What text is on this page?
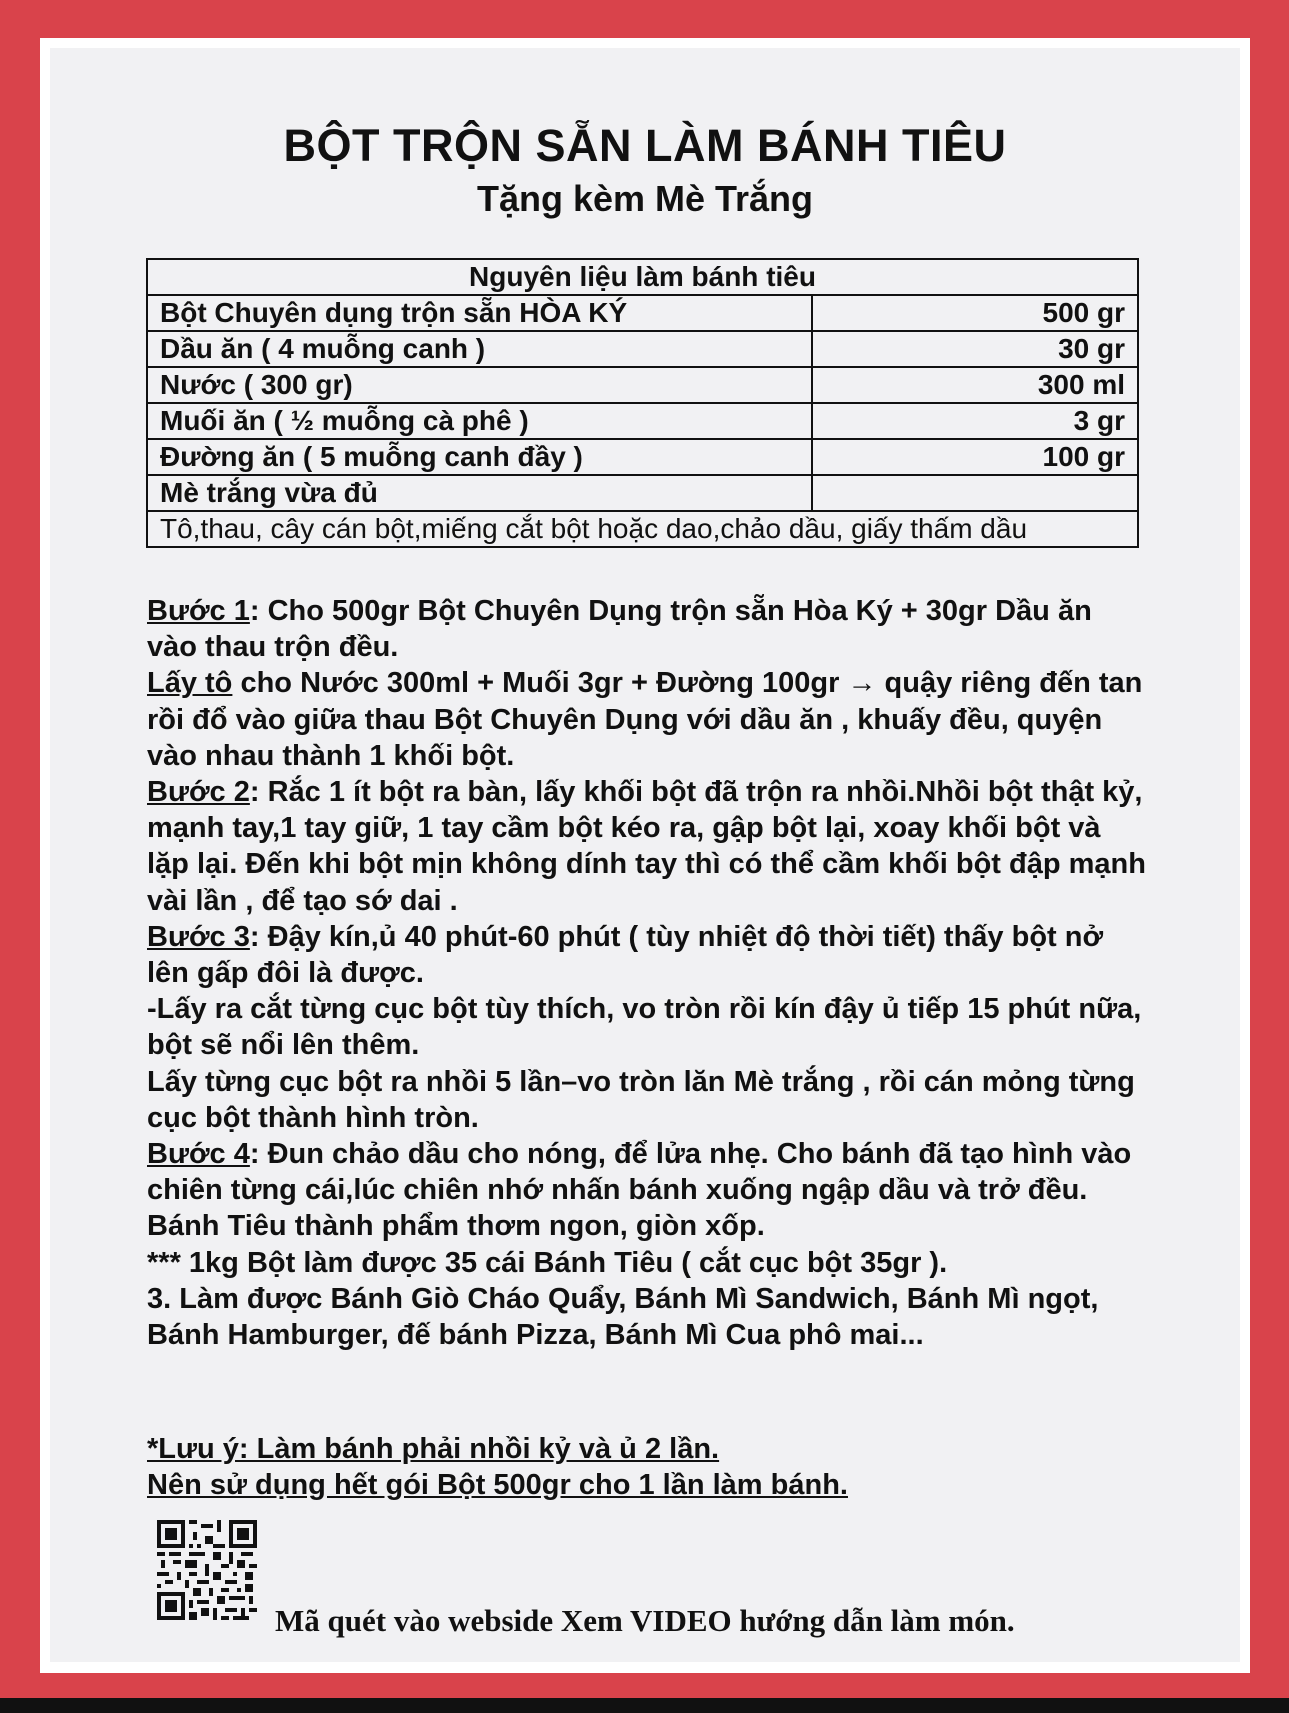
BỘT TRỘN SẴN LÀM BÁNH TIÊU
Tặng kèm Mè Trắng
Nguyên liệu làm bánh tiêu	
Bột Chuyên dụng trộn sẵn HÒA KÝ	500 gr
Dầu ăn ( 4 muỗng canh )	30 gr
Nước ( 300 gr)	300 ml
Muối ăn ( ½ muỗng cà phê )	3 gr
Đường ăn ( 5 muỗng canh đầy )	100 gr
Mè trắng vừa đủ	
Tô,thau, cây cán bột,miếng cắt bột hoặc dao,chảo dầu, giấy thấm dầu	

Bước 1: Cho 500gr Bột Chuyên Dụng trộn sẵn Hòa Ký + 30gr Dầu ăn vào thau trộn đều.

Lấy tô cho Nước 300ml + Muối 3gr + Đường 100gr → quậy riêng đến tan rồi đổ vào giữa thau Bột Chuyên Dụng với dầu ăn , khuấy đều, quyện vào nhau thành 1 khối bột.

Bước 2: Rắc 1 ít bột ra bàn, lấy khối bột đã trộn ra nhồi.Nhồi bột thật kỷ, mạnh tay,1 tay giữ, 1 tay cầm bột kéo ra, gập bột lại, xoay khối bột và lặp lại. Đến khi bột mịn không dính tay thì có thể cầm khối bột đập mạnh vài lần , để tạo sớ dai .

Bước 3: Đậy kín,ủ 40 phút-60 phút ( tùy nhiệt độ thời tiết) thấy bột nở lên gấp đôi là được.

-Lấy ra cắt từng cục bột tùy thích, vo tròn rồi kín đậy ủ tiếp 15 phút nữa, bột sẽ nổi lên thêm.

Lấy từng cục bột ra nhồi 5 lần–vo tròn lăn Mè trắng , rồi cán mỏng từng cục bột thành hình tròn.

Bước 4: Đun chảo dầu cho nóng, để lửa nhẹ. Cho bánh đã tạo hình vào chiên từng cái,lúc chiên nhớ nhấn bánh xuống ngập dầu và trở đều.

Bánh Tiêu thành phẩm thơm ngon, giòn xốp.

*** 1kg Bột làm được 35 cái Bánh Tiêu ( cắt cục bột 35gr ).

3. Làm được Bánh Giò Cháo Quẩy, Bánh Mì Sandwich, Bánh Mì ngọt, Bánh Hamburger, đế bánh Pizza, Bánh Mì Cua phô mai...

*Lưu ý: Làm bánh phải nhồi kỷ và ủ 2 lần.

Nên sử dụng hết gói Bột 500gr cho 1 lần làm bánh.

Mã quét vào webside Xem VIDEO hướng dẫn làm món.
